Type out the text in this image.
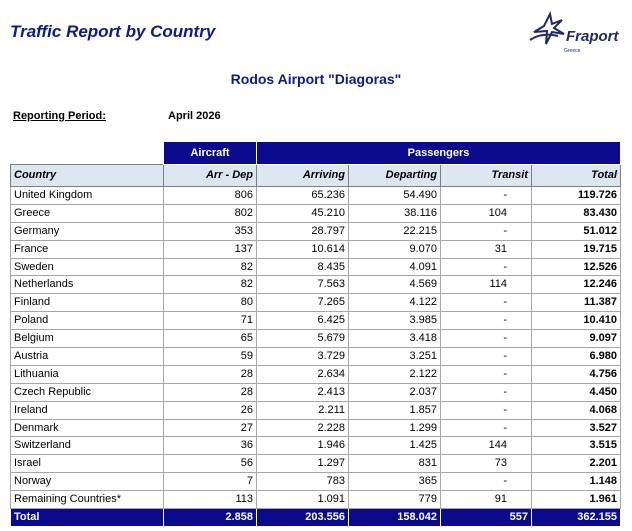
Traffic Report by Country	Fraport
Greece
Rodos Airport "Diagoras"
Reporting Period:	April 2026
	Aircraft	Passengers			
Country	Arr - Dep	Arriving	Departing	Transit	Total
United Kingdom	806	65.236	54.490	-	119.726
Greece	802	45.210	38.116	104	83.430
Germany	353	28.797	22.215	-	51.012
France	137	10.614	9.070	31	19.715
Sweden	82	8.435	4.091	-	12.526
Netherlands	82	7.563	4.569	114	12.246
Finland	80	7.265	4.122	-	11.387
Poland	71	6.425	3.985	-	10.410
Belgium	65	5.679	3.418	-	9.097
Austria	59	3.729	3.251	-	6.980
Lithuania	28	2.634	2.122	-	4.756
Czech Republic	28	2.413	2.037	-	4.450
Ireland	26	2.211	1.857	-	4.068
Denmark	27	2.228	1.299	-	3.527
Switzerland	36	1.946	1.425	144	3.515
Israel	56	1.297	831	73	2.201
Norway	7	783	365	-	1.148
Remaining Countries*	113	1.091	779	91	1.961
Total	2.858	203.556	158.042	557	362.155
